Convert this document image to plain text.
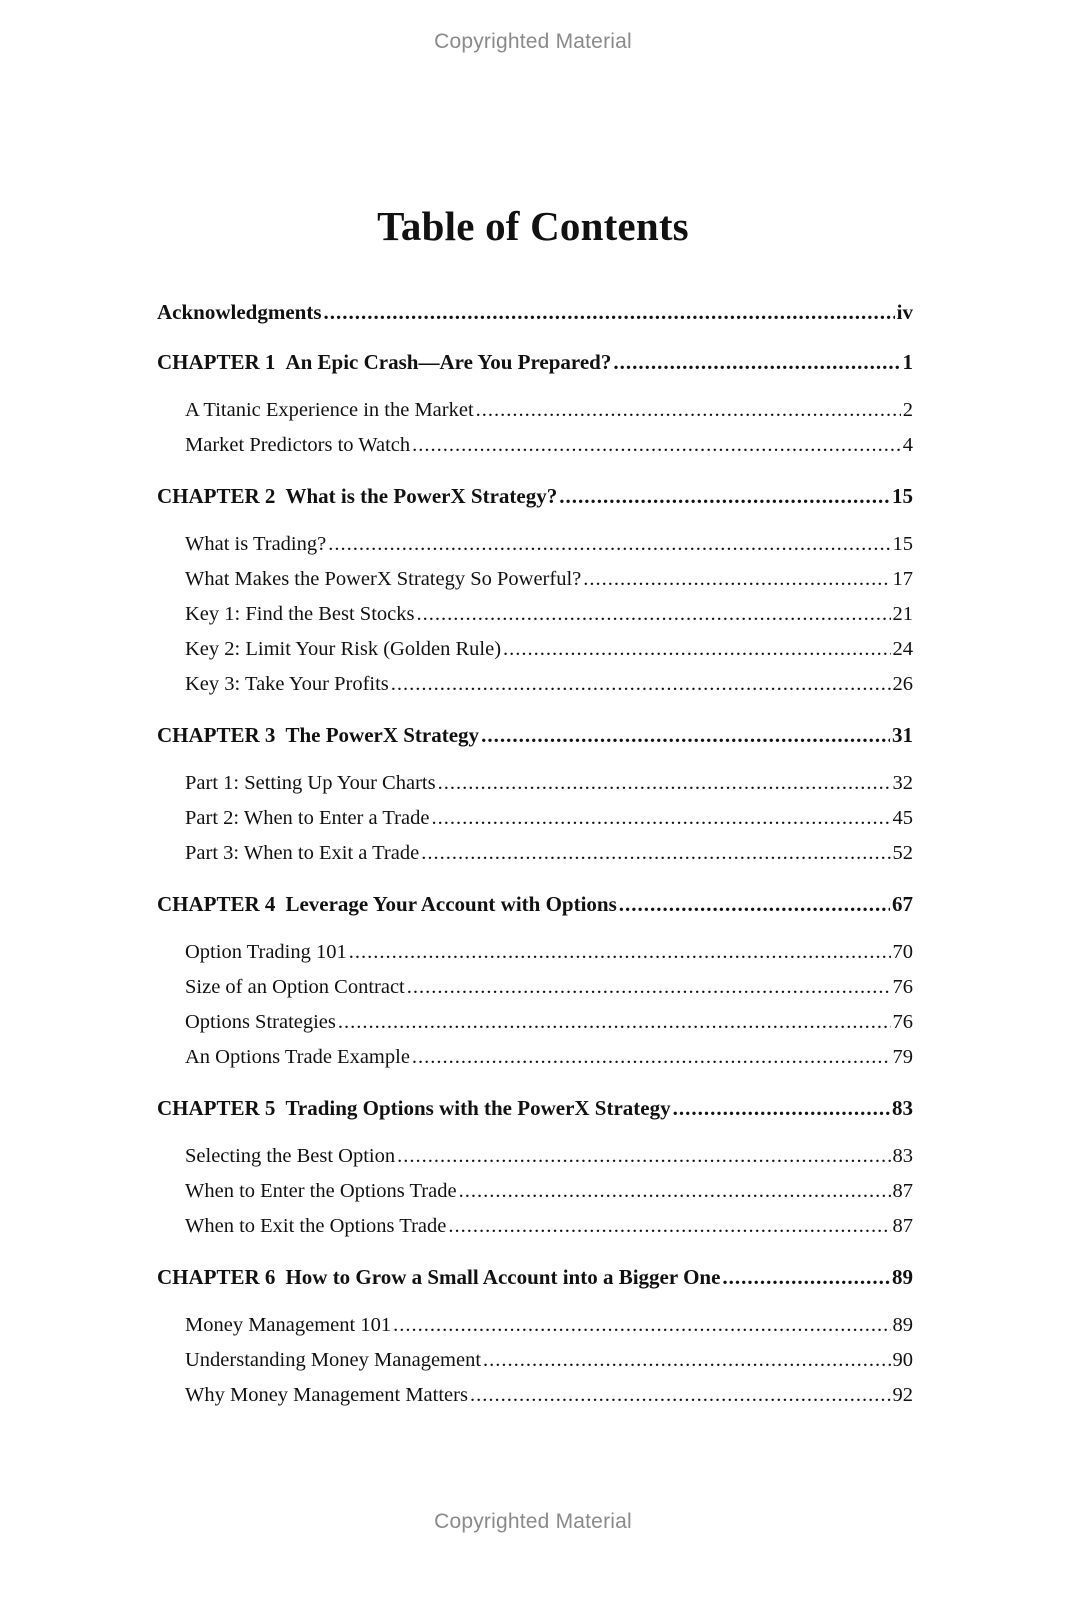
Copyrighted Material
Table of Contents
Acknowledgments .....	iv
CHAPTER 1 An Epic Crash—Are You Prepared? .....	1
A Titanic Experience in the Market .....	2
Market Predictors to Watch .....	4
CHAPTER 2 What is the PowerX Strategy? .....	15
What is Trading? .....	15
What Makes the PowerX Strategy So Powerful? .....	17
Key 1: Find the Best Stocks .....	21
Key 2: Limit Your Risk (Golden Rule) .....	24
Key 3: Take Your Profits .....	26
CHAPTER 3 The PowerX Strategy .....	31
Part 1: Setting Up Your Charts .....	32
Part 2: When to Enter a Trade .....	45
Part 3: When to Exit a Trade .....	52
CHAPTER 4 Leverage Your Account with Options .....	67
Option Trading 101 .....	70
Size of an Option Contract .....	76
Options Strategies .....	76
An Options Trade Example .....	79
CHAPTER 5 Trading Options with the PowerX Strategy .....	83
Selecting the Best Option .....	83
When to Enter the Options Trade .....	87
When to Exit the Options Trade .....	87
CHAPTER 6 How to Grow a Small Account into a Bigger One .....	89
Money Management 101 .....	89
Understanding Money Management .....	90
Why Money Management Matters .....	92
Copyrighted Material
